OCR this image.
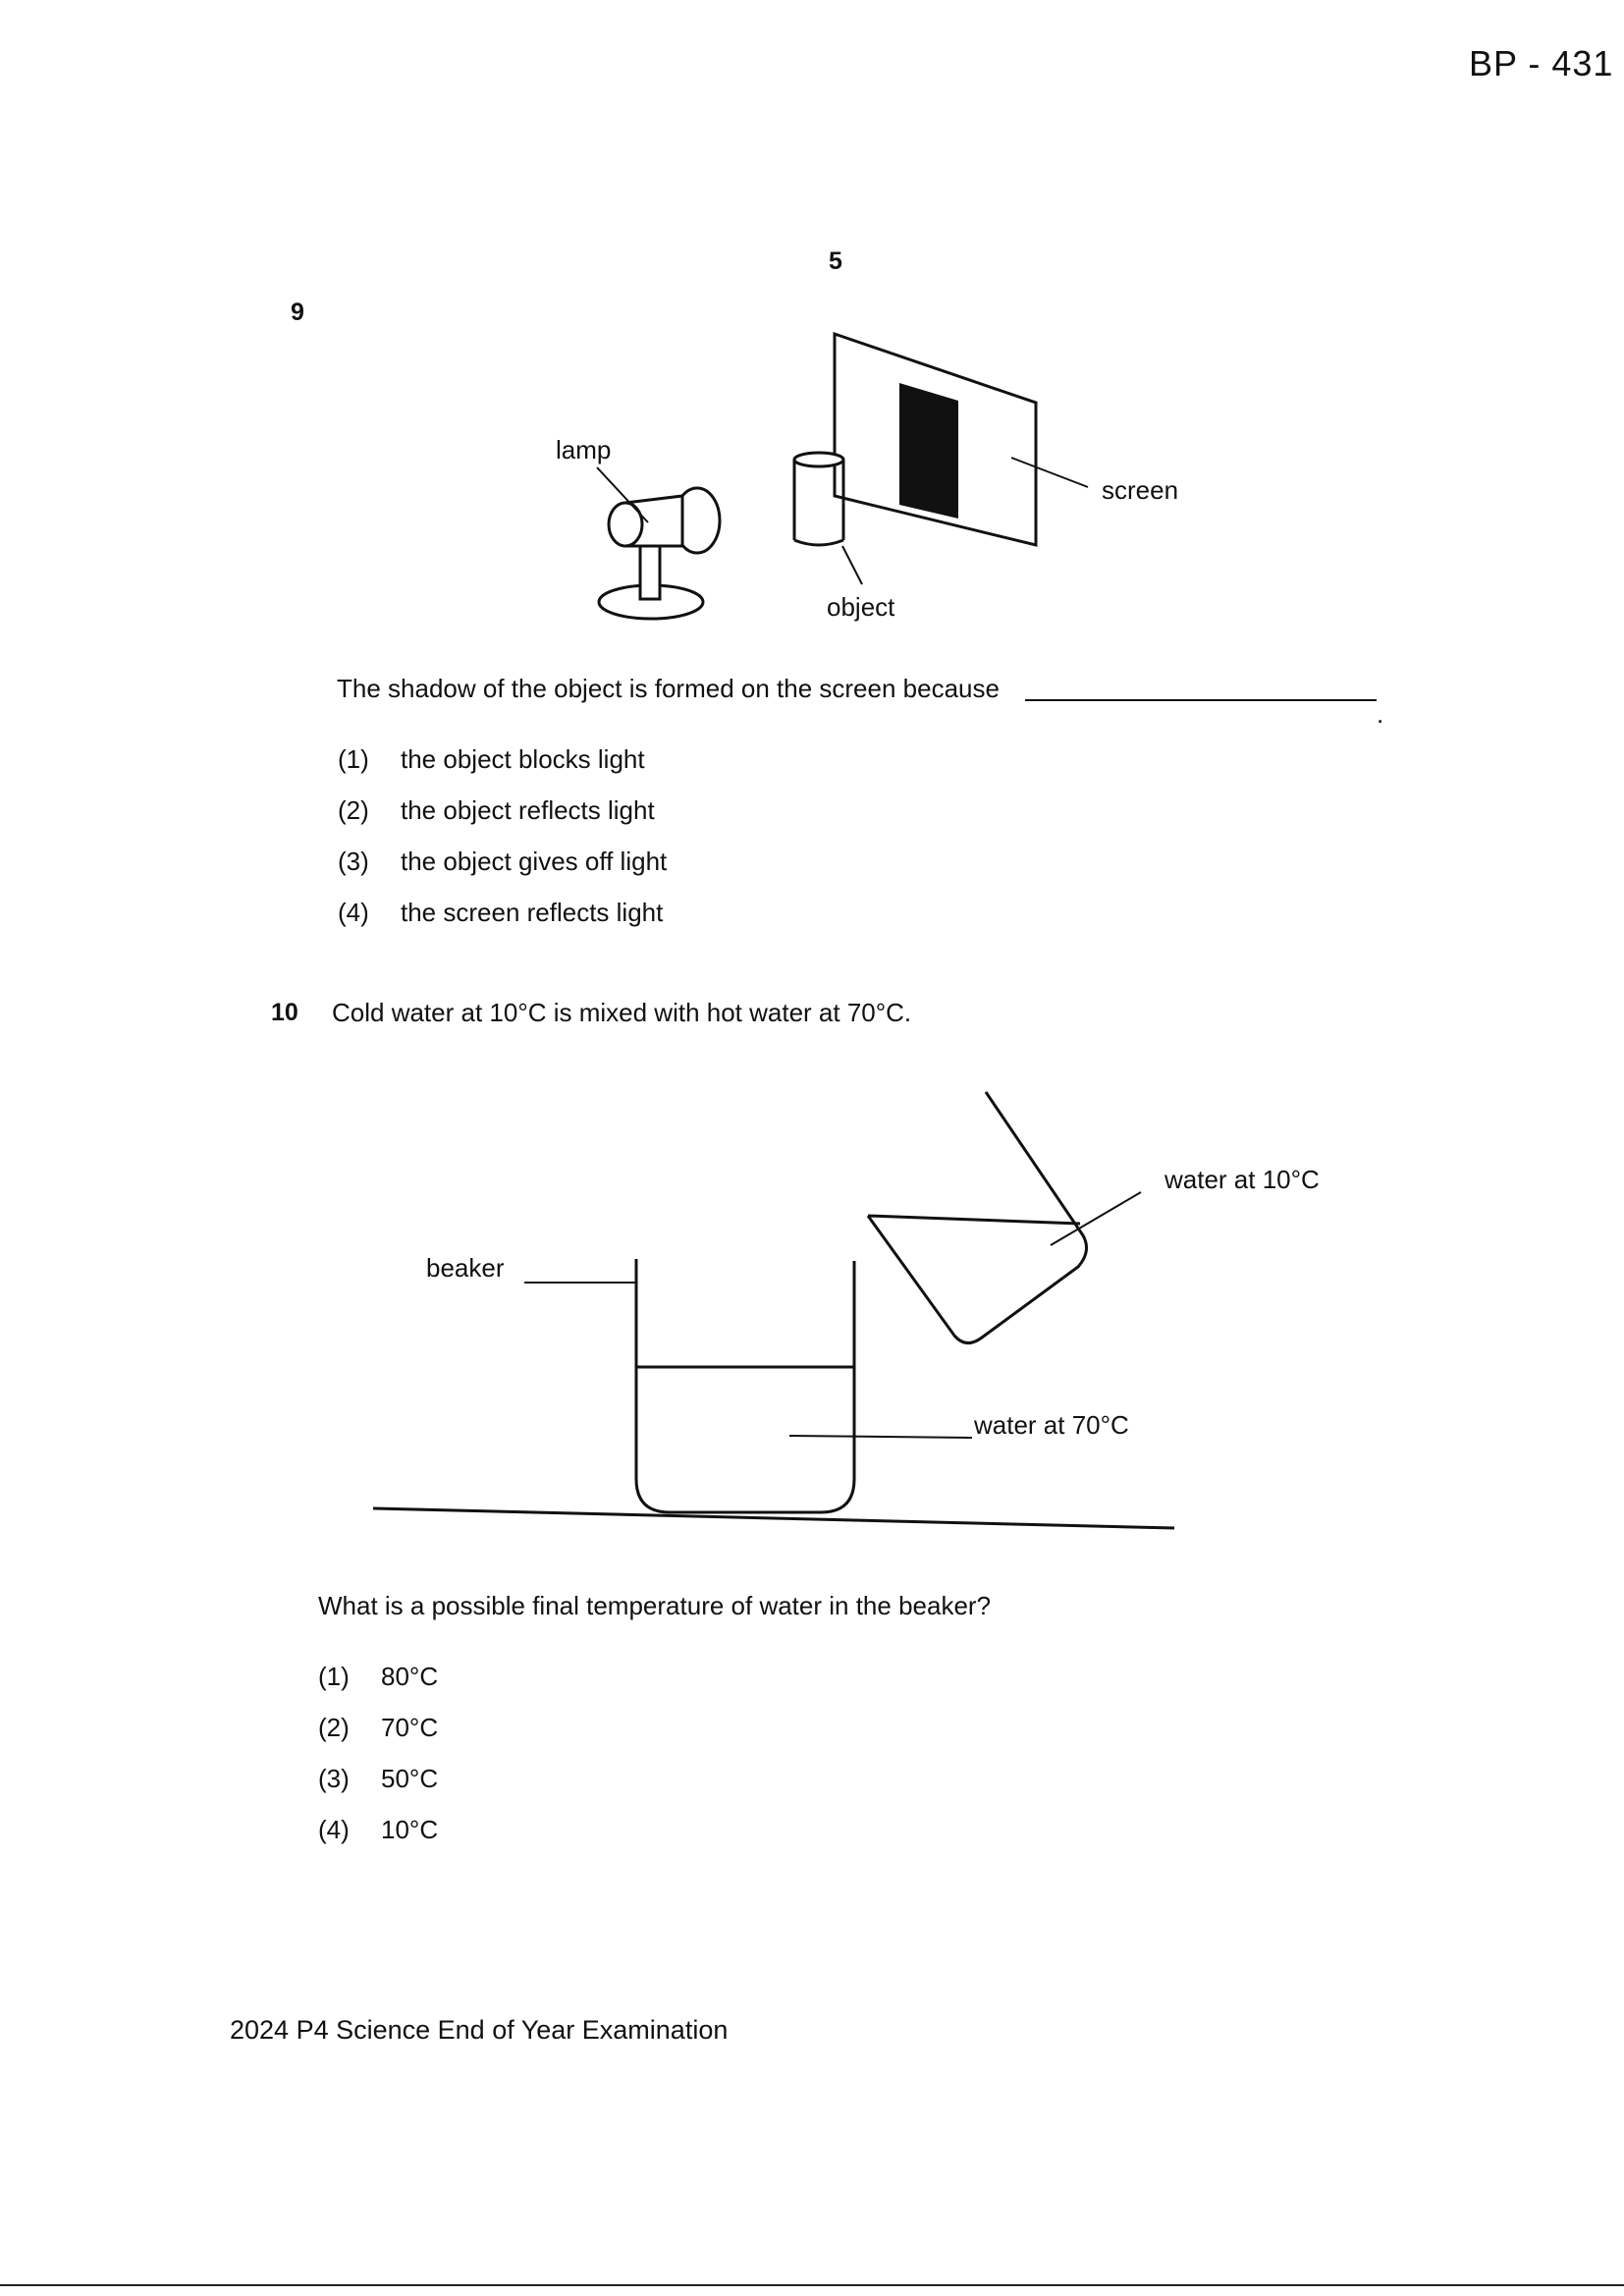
BP - 431
5
9
lamp
screen
object
The shadow of the object is formed on the screen because
.
(1) the object blocks light
(2) the object reflects light
(3) the object gives off light
(4) the screen reflects light
10 Cold water at 10°C is mixed with hot water at 70°C.
water at 10°C
beaker
water at 70°C
What is a possible final temperature of water in the beaker?
(1) 80°C
(2) 70°C
(3) 50°C
(4) 10°C
2024 P4 Science End of Year Examination
